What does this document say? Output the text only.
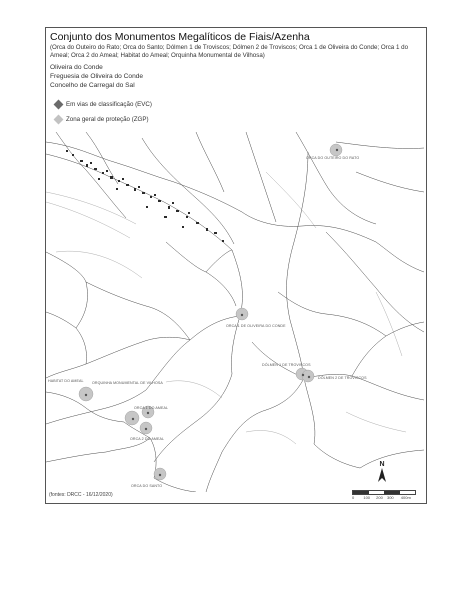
Conjunto dos Monumentos Megalíticos de Fiais/Azenha
(Orca do Outeiro do Rato; Orca do Santo; Dólmen 1 de Troviscos; Dólmen 2 de Troviscos; Orca 1 de Oliveira do Conde; Orca 1 do Ameal; Orca 2 do Ameal; Habitat do Ameal; Orquinha Monumental de Vilhosa)
Oliveira do Conde
Freguesia de Oliveira do Conde
Concelho de Carregal do Sal
Em vias de classificação (EVC)
Zona geral de proteção (ZGP)
ORCA DO OUTEIRO DO RATO
ORCA 1 DE OLIVEIRA DO CONDE
DÓLMEN 1 DE TROVISCOS
DÓLMEN 2 DE TROVISCOS
HABITAT DO AMEAL ORQUINHA MONUMENTAL DE VILHOSA
ORCA 1 DO AMEAL
ORCA 2 DO AMEAL
ORCA DO SANTO
(fontes: DRCC - 16/12/2020)
N
0 100 200 300 400m
